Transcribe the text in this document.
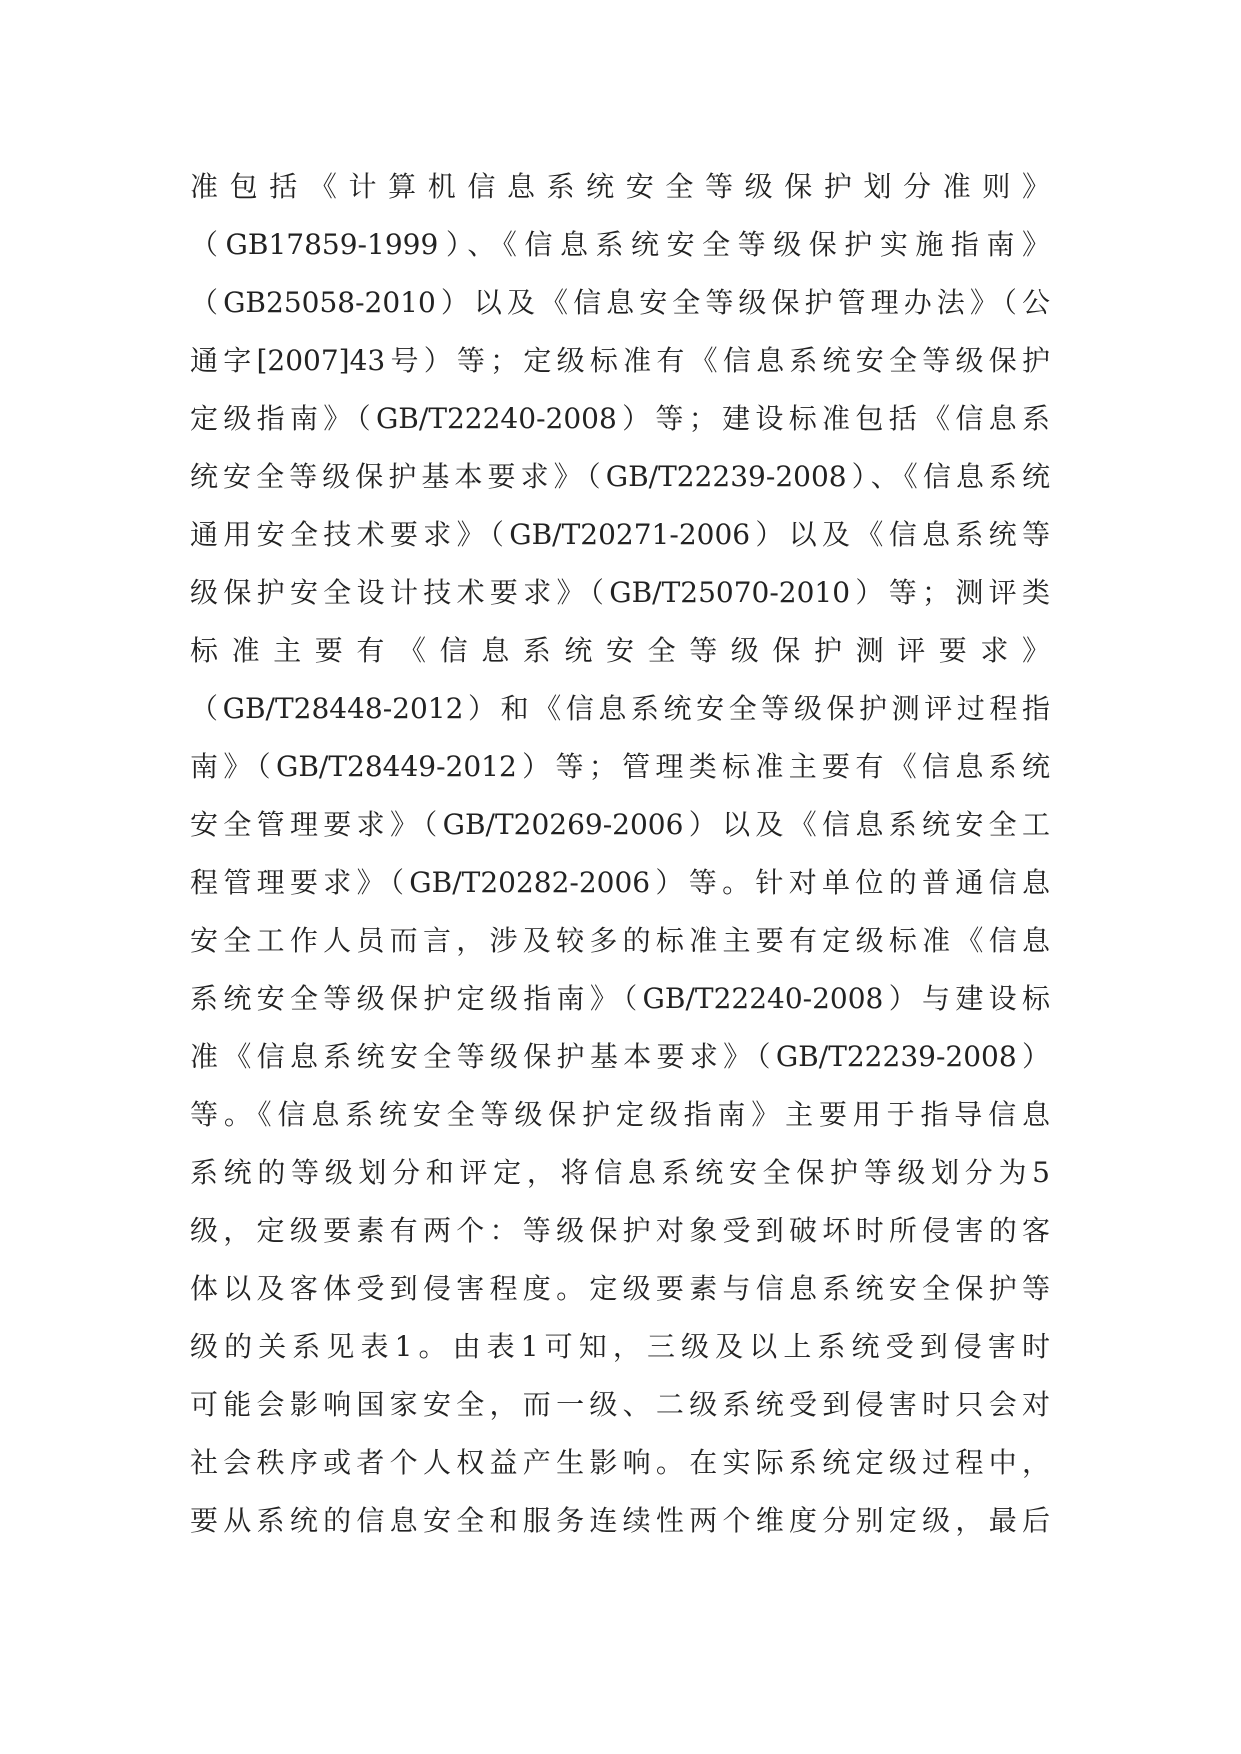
准包括《计算机信息系统安全等级保护划分准则》
（GB17859-1999）、《信息系统安全等级保护实施指南》
（GB25058-2010）以及《信息安全等级保护管理办法》（公
通字[2007]43号）等；定级标准有《信息系统安全等级保护
定级指南》（GB/T22240-2008）等；建设标准包括《信息系
统安全等级保护基本要求》（GB/T22239-2008）、《信息系统
通用安全技术要求》（GB/T20271-2006）以及《信息系统等
级保护安全设计技术要求》（GB/T25070-2010）等；测评类
标准主要有《信息系统安全等级保护测评要求》
（GB/T28448-2012）和《信息系统安全等级保护测评过程指
南》（GB/T28449-2012）等；管理类标准主要有《信息系统
安全管理要求》（GB/T20269-2006）以及《信息系统安全工
程管理要求》（GB/T20282-2006）等。针对单位的普通信息
安全工作人员而言，涉及较多的标准主要有定级标准《信息
系统安全等级保护定级指南》（GB/T22240-2008）与建设标
准《信息系统安全等级保护基本要求》（GB/T22239-2008）
等。《信息系统安全等级保护定级指南》主要用于指导信息
系统的等级划分和评定，将信息系统安全保护等级划分为5
级，定级要素有两个：等级保护对象受到破坏时所侵害的客
体以及客体受到侵害程度。定级要素与信息系统安全保护等
级的关系见表1。由表1可知，三级及以上系统受到侵害时
可能会影响国家安全，而一级、二级系统受到侵害时只会对
社会秩序或者个人权益产生影响。在实际系统定级过程中，
要从系统的信息安全和服务连续性两个维度分别定级，最后
